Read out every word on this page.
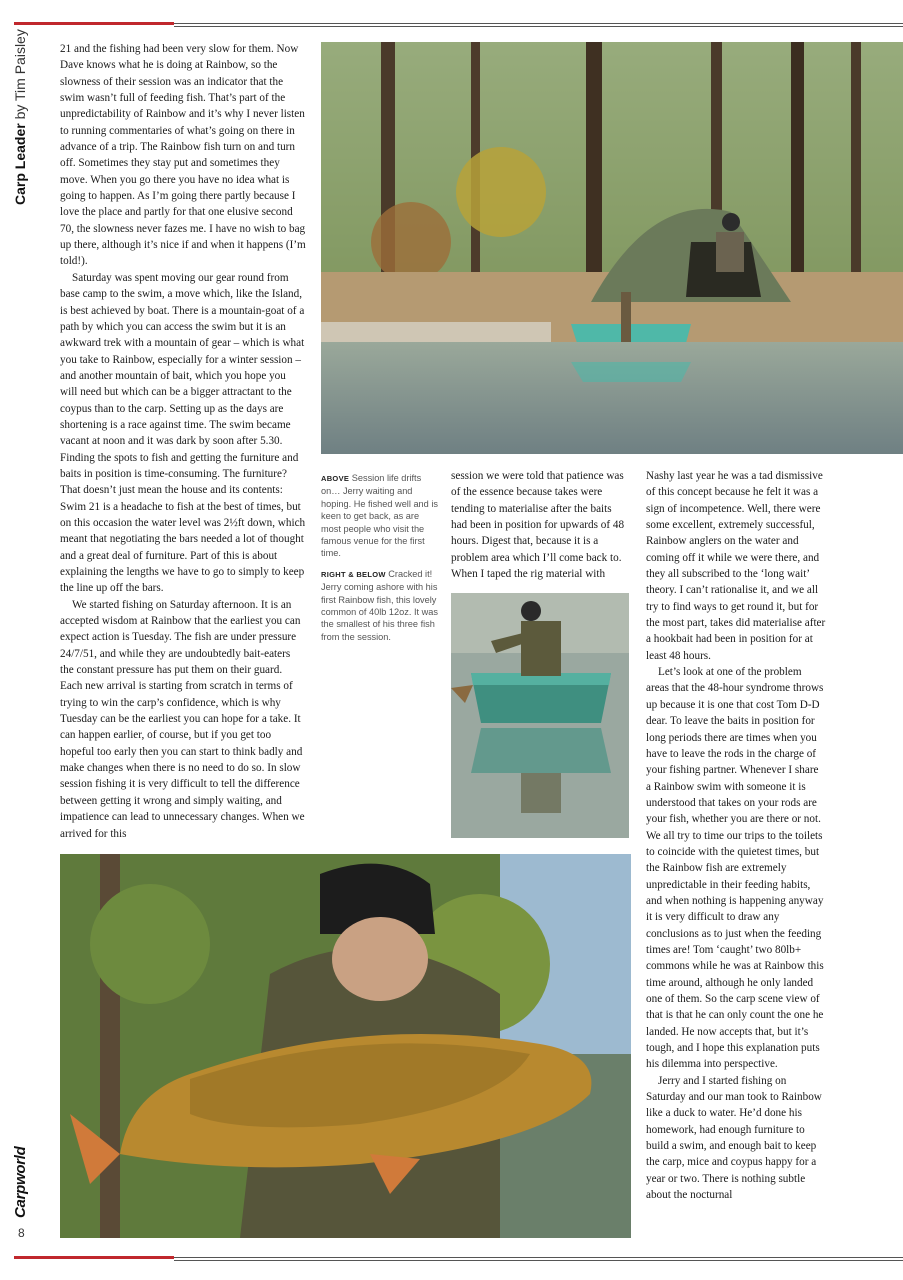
Carp Leader by Tim Paisley
Carpworld
8

21 and the fishing had been very slow for them. Now Dave knows what he is doing at Rainbow, so the slowness of their session was an indicator that the swim wasn’t full of feeding fish. That’s part of the unpredictability of Rainbow and it’s why I never listen to running commentaries of what’s going on there in advance of a trip. The Rainbow fish turn on and turn off. Sometimes they stay put and sometimes they move. When you go there you have no idea what is going to happen. As I’m going there partly because I love the place and partly for that one elusive second 70, the slowness never fazes me. I have no wish to bag up there, although it’s nice if and when it happens (I’m told!).

Saturday was spent moving our gear round from base camp to the swim, a move which, like the Island, is best achieved by boat. There is a mountain-goat of a path by which you can access the swim but it is an awkward trek with a mountain of gear – which is what you take to Rainbow, especially for a winter session – and another mountain of bait, which you hope you will need but which can be a bigger attractant to the coypus than to the carp. Setting up as the days are shortening is a race against time. The swim became vacant at noon and it was dark by soon after 5.30. Finding the spots to fish and getting the furniture and baits in position is time-consuming. The furniture? That doesn’t just mean the house and its contents: Swim 21 is a headache to fish at the best of times, but on this occasion the water level was 2½ft down, which meant that negotiating the bars needed a lot of thought and a great deal of furniture. Part of this is about explaining the lengths we have to go to simply to keep the line up off the bars.

We started fishing on Saturday afternoon. It is an accepted wisdom at Rainbow that the earliest you can expect action is Tuesday. The fish are under pressure 24/7/51, and while they are undoubtedly bait-eaters the constant pressure has put them on their guard. Each new arrival is starting from scratch in terms of trying to win the carp’s confidence, which is why Tuesday can be the earliest you can hope for a take. It can happen earlier, of course, but if you get too hopeful too early then you can start to think badly and make changes when there is no need to do so. In slow session fishing it is very difficult to tell the difference between getting it wrong and simply waiting, and impatience can lead to unnecessary changes. When we arrived for this

ABOVE Session life drifts on… Jerry waiting and hoping. He fished well and is keen to get back, as are most people who visit the famous venue for the first time.

RIGHT & BELOW Cracked it! Jerry coming ashore with his first Rainbow fish, this lovely common of 40lb 12oz. It was the smallest of his three fish from the session.

session we were told that patience was of the essence because takes were tending to materialise after the baits had been in position for upwards of 48 hours. Digest that, because it is a problem area which I’ll come back to. When I taped the rig material with

Nashy last year he was a tad dismissive of this concept because he felt it was a sign of incompetence. Well, there were some excellent, extremely successful, Rainbow anglers on the water and coming off it while we were there, and they all subscribed to the ‘long wait’ theory. I can’t rationalise it, and we all try to find ways to get round it, but for the most part, takes did materialise after a hookbait had been in position for at least 48 hours.

Let’s look at one of the problem areas that the 48-hour syndrome throws up because it is one that cost Tom D-D dear. To leave the baits in position for long periods there are times when you have to leave the rods in the charge of your fishing partner. Whenever I share a Rainbow swim with someone it is understood that takes on your rods are your fish, whether you are there or not. We all try to time our trips to the toilets to coincide with the quietest times, but the Rainbow fish are extremely unpredictable in their feeding habits, and when nothing is happening anyway it is very difficult to draw any conclusions as to just when the feeding times are! Tom ‘caught’ two 80lb+ commons while he was at Rainbow this time around, although he only landed one of them. So the carp scene view of that is that he can only count the one he landed. He now accepts that, but it’s tough, and I hope this explanation puts his dilemma into perspective.

Jerry and I started fishing on Saturday and our man took to Rainbow like a duck to water. He’d done his homework, had enough furniture to build a swim, and enough bait to keep the carp, mice and coypus happy for a year or two. There is nothing subtle about the nocturnal
